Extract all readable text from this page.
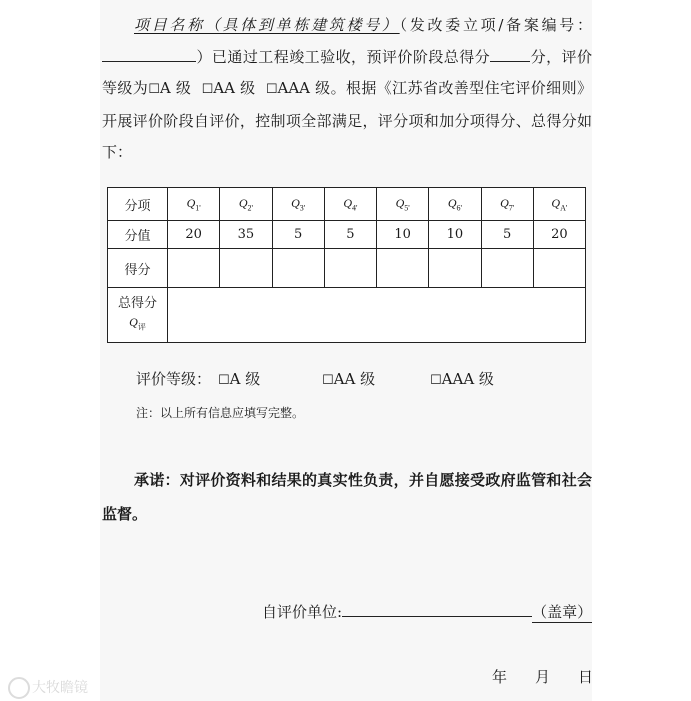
项目名称（具体到单栋建筑楼号）（发改委立项/备案编号：）已通过工程竣工验收，预评价阶段总得分	分，评价等级为☐A 级 ☐AA 级 ☐AAA 级。根据《江苏省改善型住宅评价细则》开展评价阶段自评价，控制项全部满足，评分项和加分项得分、总得分如下：

分项	$Q_{1'}$	$Q_{2'}$	$Q_{3'}$	$Q_{4'}$	$Q_{5'}$	$Q_{6'}$	$Q_{7'}$	$Q_{A'}$
分值	20	35	5	5	10	10	5	20
得分								

总得分
$Q_评$

评价等级： ☐A 级	☐AA 级	☐AAA 级
注：以上所有信息应填写完整。

承诺：对评价资料和结果的真实性负责，并自愿接受政府监管和社会监督。

自评价单位:	（盖章）
年 月 日
大牧瞻镜
